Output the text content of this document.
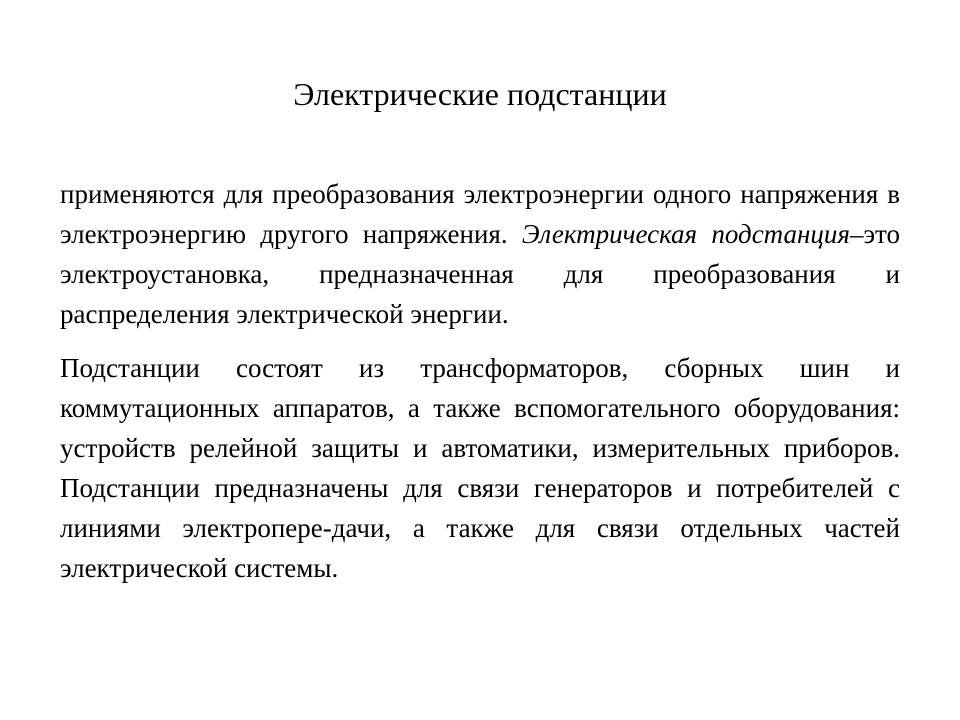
Электрические подстанции

применяются для преобразования электроэнергии одного напряжения в электроэнергию другого напряжения. Электрическая подстанция–это электроустановка, предназначенная для преобразования и распределения электрической энергии.

Подстанции состоят из трансформаторов, сборных шин и коммутационных аппаратов, а также вспомогательного оборудования: устройств релейной защиты и автоматики, измерительных приборов. Подстанции предназначены для связи генераторов и потребителей с линиями электропере-дачи, а также для связи отдельных частей электрической системы.
